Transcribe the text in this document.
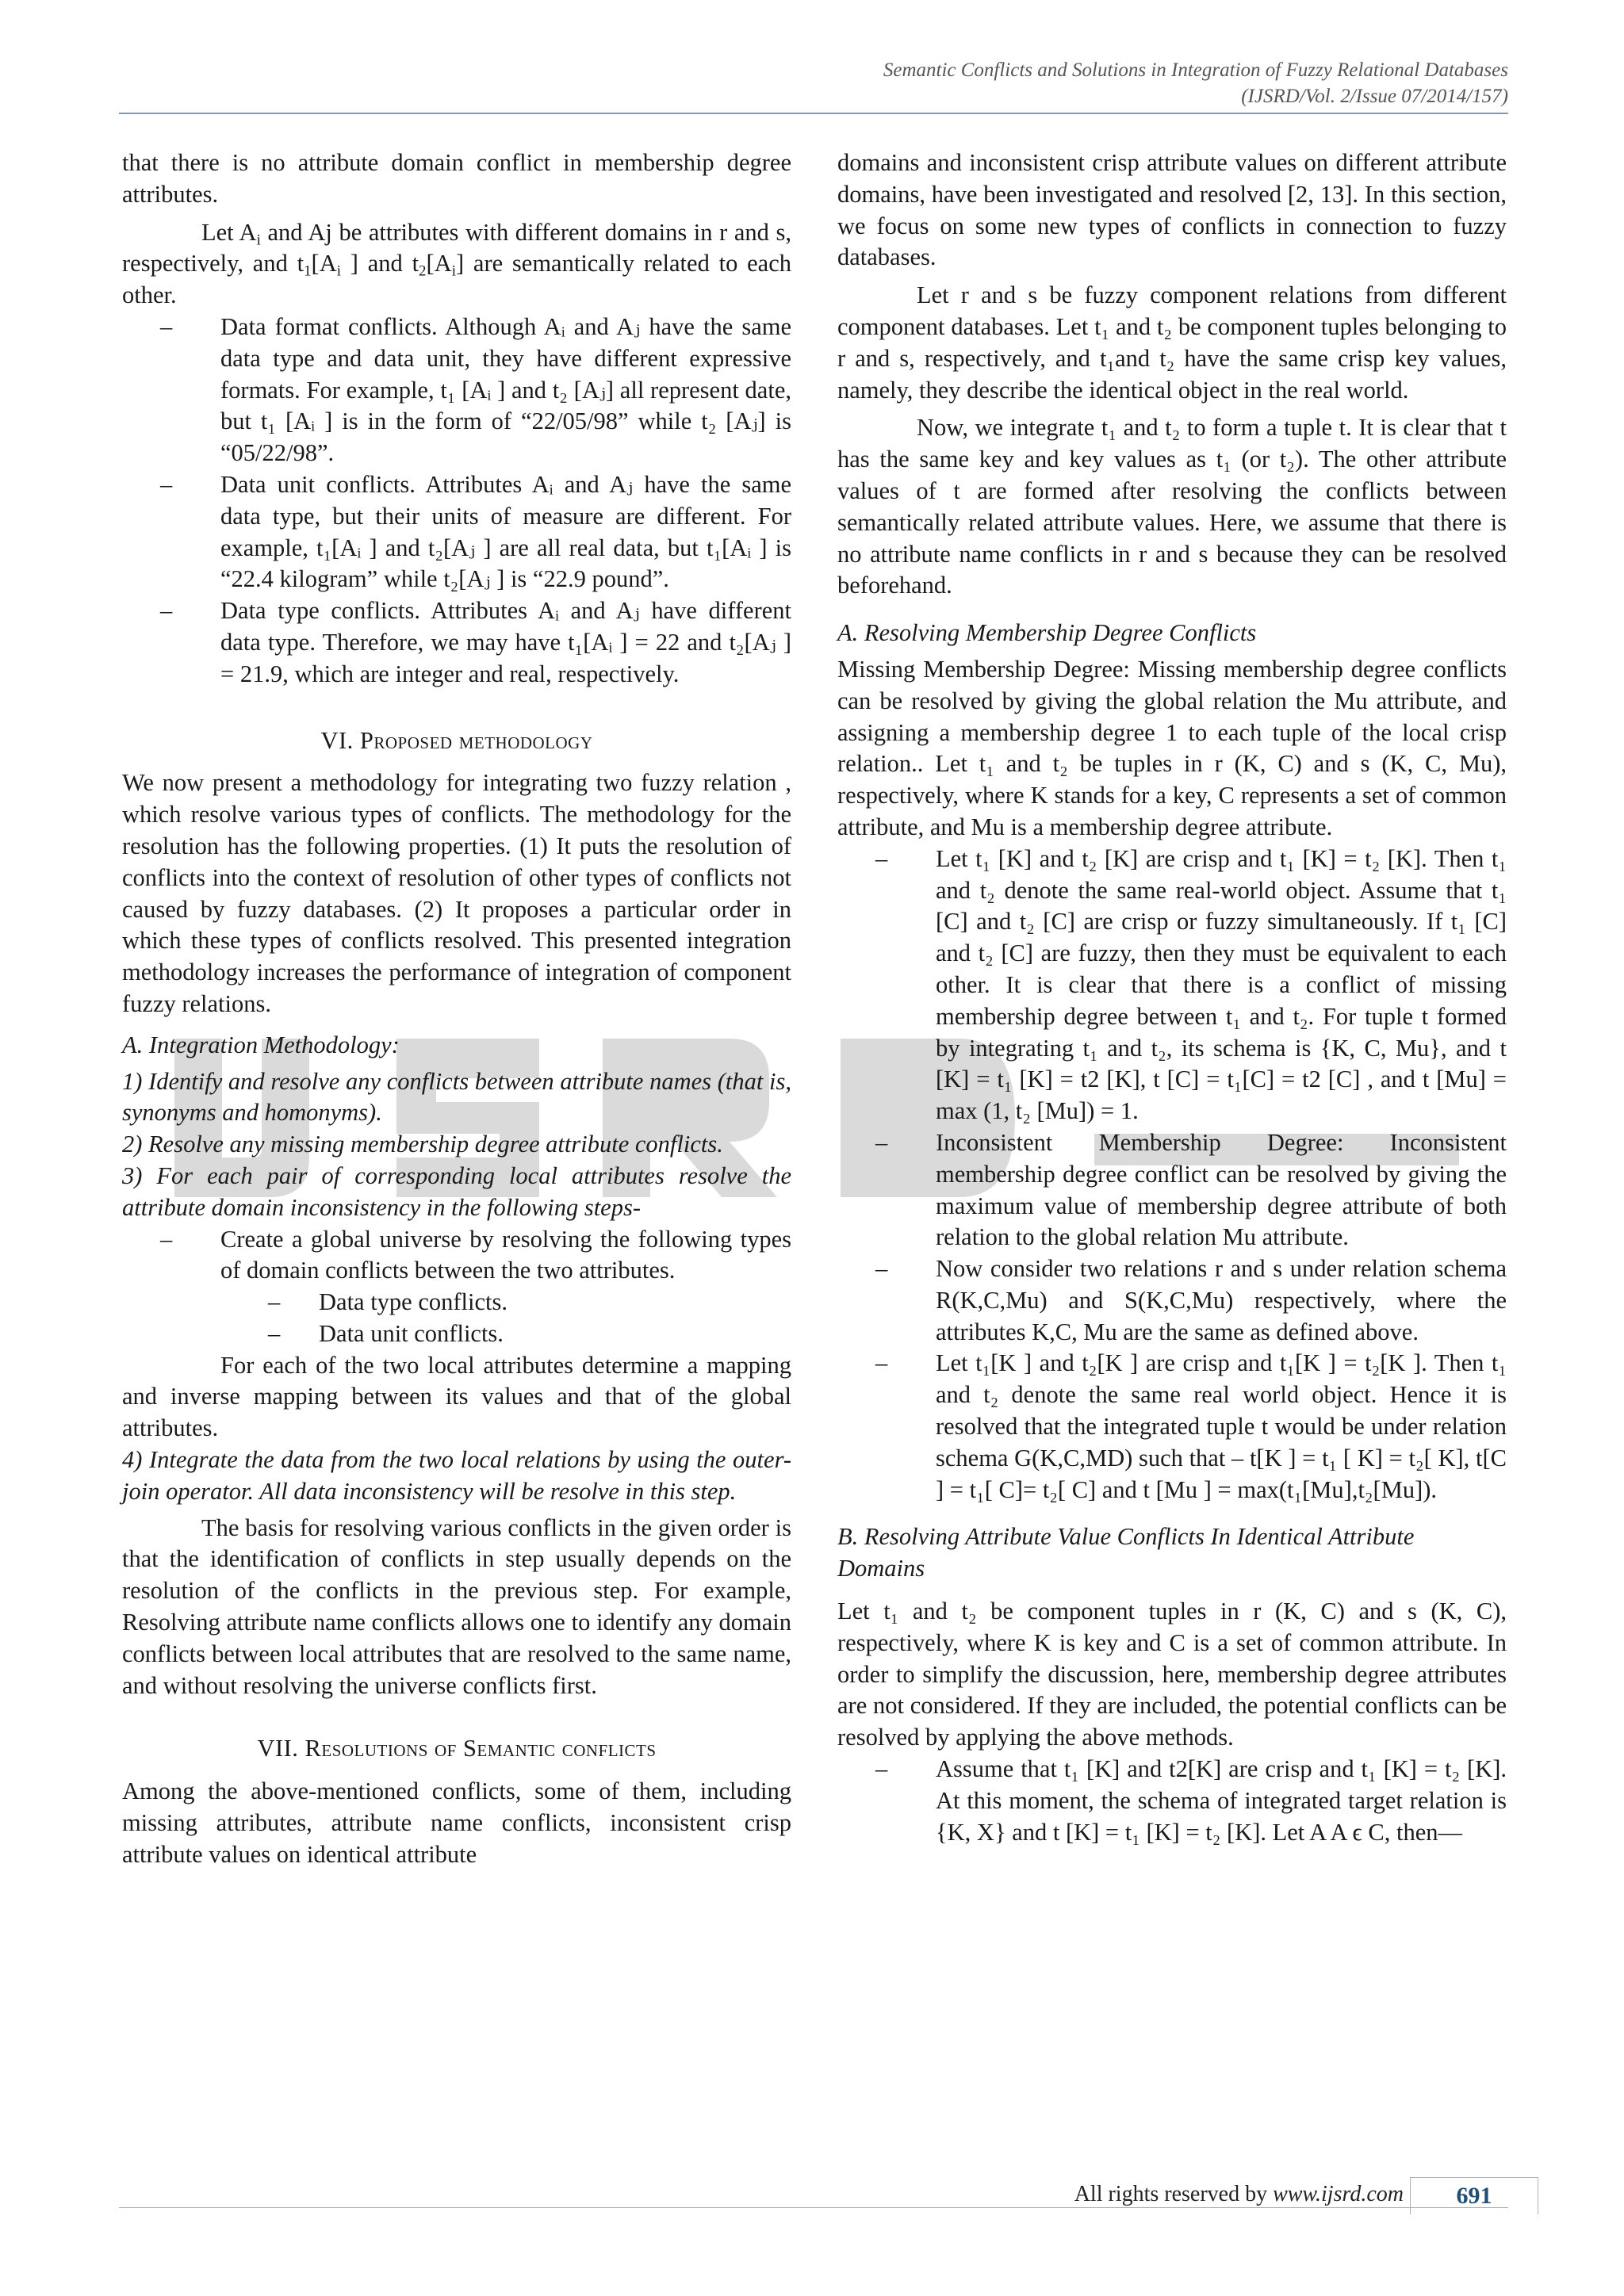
Semantic Conflicts and Solutions in Integration of Fuzzy Relational Databases
(IJSRD/Vol. 2/Issue 07/2014/157)

that there is no attribute domain conflict in membership degree attributes.

Let $A_i$ and Aj be attributes with different domains in r and s, respectively, and $t_1[A_i$ ] and $t_2[A_i]$ are semantically related to each other.

– Data format conflicts. Although Aᵢ and Aⱼ have the same data type and data unit, they have different expressive formats. For example, t₁ [Aᵢ ] and t₂ [Aⱼ] all represent date, but t₁ [Aᵢ ] is in the form of “22/05/98” while t₂ [Aⱼ] is “05/22/98”.
– Data unit conflicts. Attributes Aᵢ and Aⱼ have the same data type, but their units of measure are different. For example, t₁[Aᵢ ] and t₂[Aⱼ ] are all real data, but t₁[Aᵢ ] is “22.4 kilogram” while t₂[Aⱼ ] is “22.9 pound”.
– Data type conflicts. Attributes Aᵢ and Aⱼ have different data type. Therefore, we may have t₁[Aᵢ ] = 22 and t₂[Aⱼ ] = 21.9, which are integer and real, respectively.
VI. Proposed methodology

We now present a methodology for integrating two fuzzy relation , which resolve various types of conflicts. The methodology for the resolution has the following properties. (1) It puts the resolution of conflicts into the context of resolution of other types of conflicts not caused by fuzzy databases. (2) It proposes a particular order in which these types of conflicts resolved. This presented integration methodology increases the performance of integration of component fuzzy relations.

A. Integration Methodology:

1) Identify and resolve any conflicts between attribute names (that is, synonyms and homonyms).

2) Resolve any missing membership degree attribute conflicts.

3) For each pair of corresponding local attributes resolve the attribute domain inconsistency in the following steps-

– Create a global universe by resolving the following types of domain conflicts between the two attributes.
– Data type conflicts.
– Data unit conflicts.

For each of the two local attributes determine a mapping and inverse mapping between its values and that of the global attributes.

4) Integrate the data from the two local relations by using the outer-join operator. All data inconsistency will be resolve in this step.

The basis for resolving various conflicts in the given order is that the identification of conflicts in step usually depends on the resolution of the conflicts in the previous step. For example, Resolving attribute name conflicts allows one to identify any domain conflicts between local attributes that are resolved to the same name, and without resolving the universe conflicts first.

VII. Resolutions of Semantic conflicts

Among the above-mentioned conflicts, some of them, including missing attributes, attribute name conflicts, inconsistent crisp attribute values on identical attribute

domains and inconsistent crisp attribute values on different attribute domains, have been investigated and resolved [2, 13]. In this section, we focus on some new types of conflicts in connection to fuzzy databases.

Let r and s be fuzzy component relations from different component databases. Let t₁ and t₂ be component tuples belonging to r and s, respectively, and t₁and t₂ have the same crisp key values, namely, they describe the identical object in the real world.

Now, we integrate t₁ and t₂ to form a tuple t. It is clear that t has the same key and key values as t₁ (or t₂). The other attribute values of t are formed after resolving the conflicts between semantically related attribute values. Here, we assume that there is no attribute name conflicts in r and s because they can be resolved beforehand.

A. Resolving Membership Degree Conflicts

Missing Membership Degree: Missing membership degree conflicts can be resolved by giving the global relation the Mu attribute, and assigning a membership degree 1 to each tuple of the local crisp relation.. Let t₁ and t₂ be tuples in r (K, C) and s (K, C, Mu), respectively, where K stands for a key, C represents a set of common attribute, and Mu is a membership degree attribute.

– Let t₁ [K] and t₂ [K] are crisp and t₁ [K] = t₂ [K]. Then t₁ and t₂ denote the same real-world object. Assume that t₁ [C] and t₂ [C] are crisp or fuzzy simultaneously. If t₁ [C] and t₂ [C] are fuzzy, then they must be equivalent to each other. It is clear that there is a conflict of missing membership degree between t₁ and t₂. For tuple t formed by integrating t₁ and t₂, its schema is {K, C, Mu}, and t [K] = t₁ [K] = t2 [K], t [C] = t₁[C] = t2 [C] , and t [Mu] = max (1, t₂ [Mu]) = 1.
– Inconsistent Membership Degree: Inconsistent membership degree conflict can be resolved by giving the maximum value of membership degree attribute of both relation to the global relation Mu attribute.
– Now consider two relations r and s under relation schema R(K,C,Mu) and S(K,C,Mu) respectively, where the attributes K,C, Mu are the same as defined above.
– Let t₁[K ] and t₂[K ] are crisp and t₁[K ] = t₂[K ]. Then t₁ and t₂ denote the same real world object. Hence it is resolved that the integrated tuple t would be under relation schema G(K,C,MD) such that – t[K ] = t₁ [ K] = t₂[ K], t[C ] = t₁[ C]= t₂[ C] and t [Mu ] = max(t₁[Mu],t₂[Mu]).
B. Resolving Attribute Value Conflicts In Identical Attribute Domains

Let t₁ and t₂ be component tuples in r (K, C) and s (K, C), respectively, where K is key and C is a set of common attribute. In order to simplify the discussion, here, membership degree attributes are not considered. If they are included, the potential conflicts can be resolved by applying the above methods.

– Assume that t₁ [K] and t2[K] are crisp and t₁ [K] = t₂ [K]. At this moment, the schema of integrated target relation is {K, X} and t [K] = t₁ [K] = t₂ [K]. Let A A ϵ C, then—
All rights reserved by www.ijsrd.com	691
